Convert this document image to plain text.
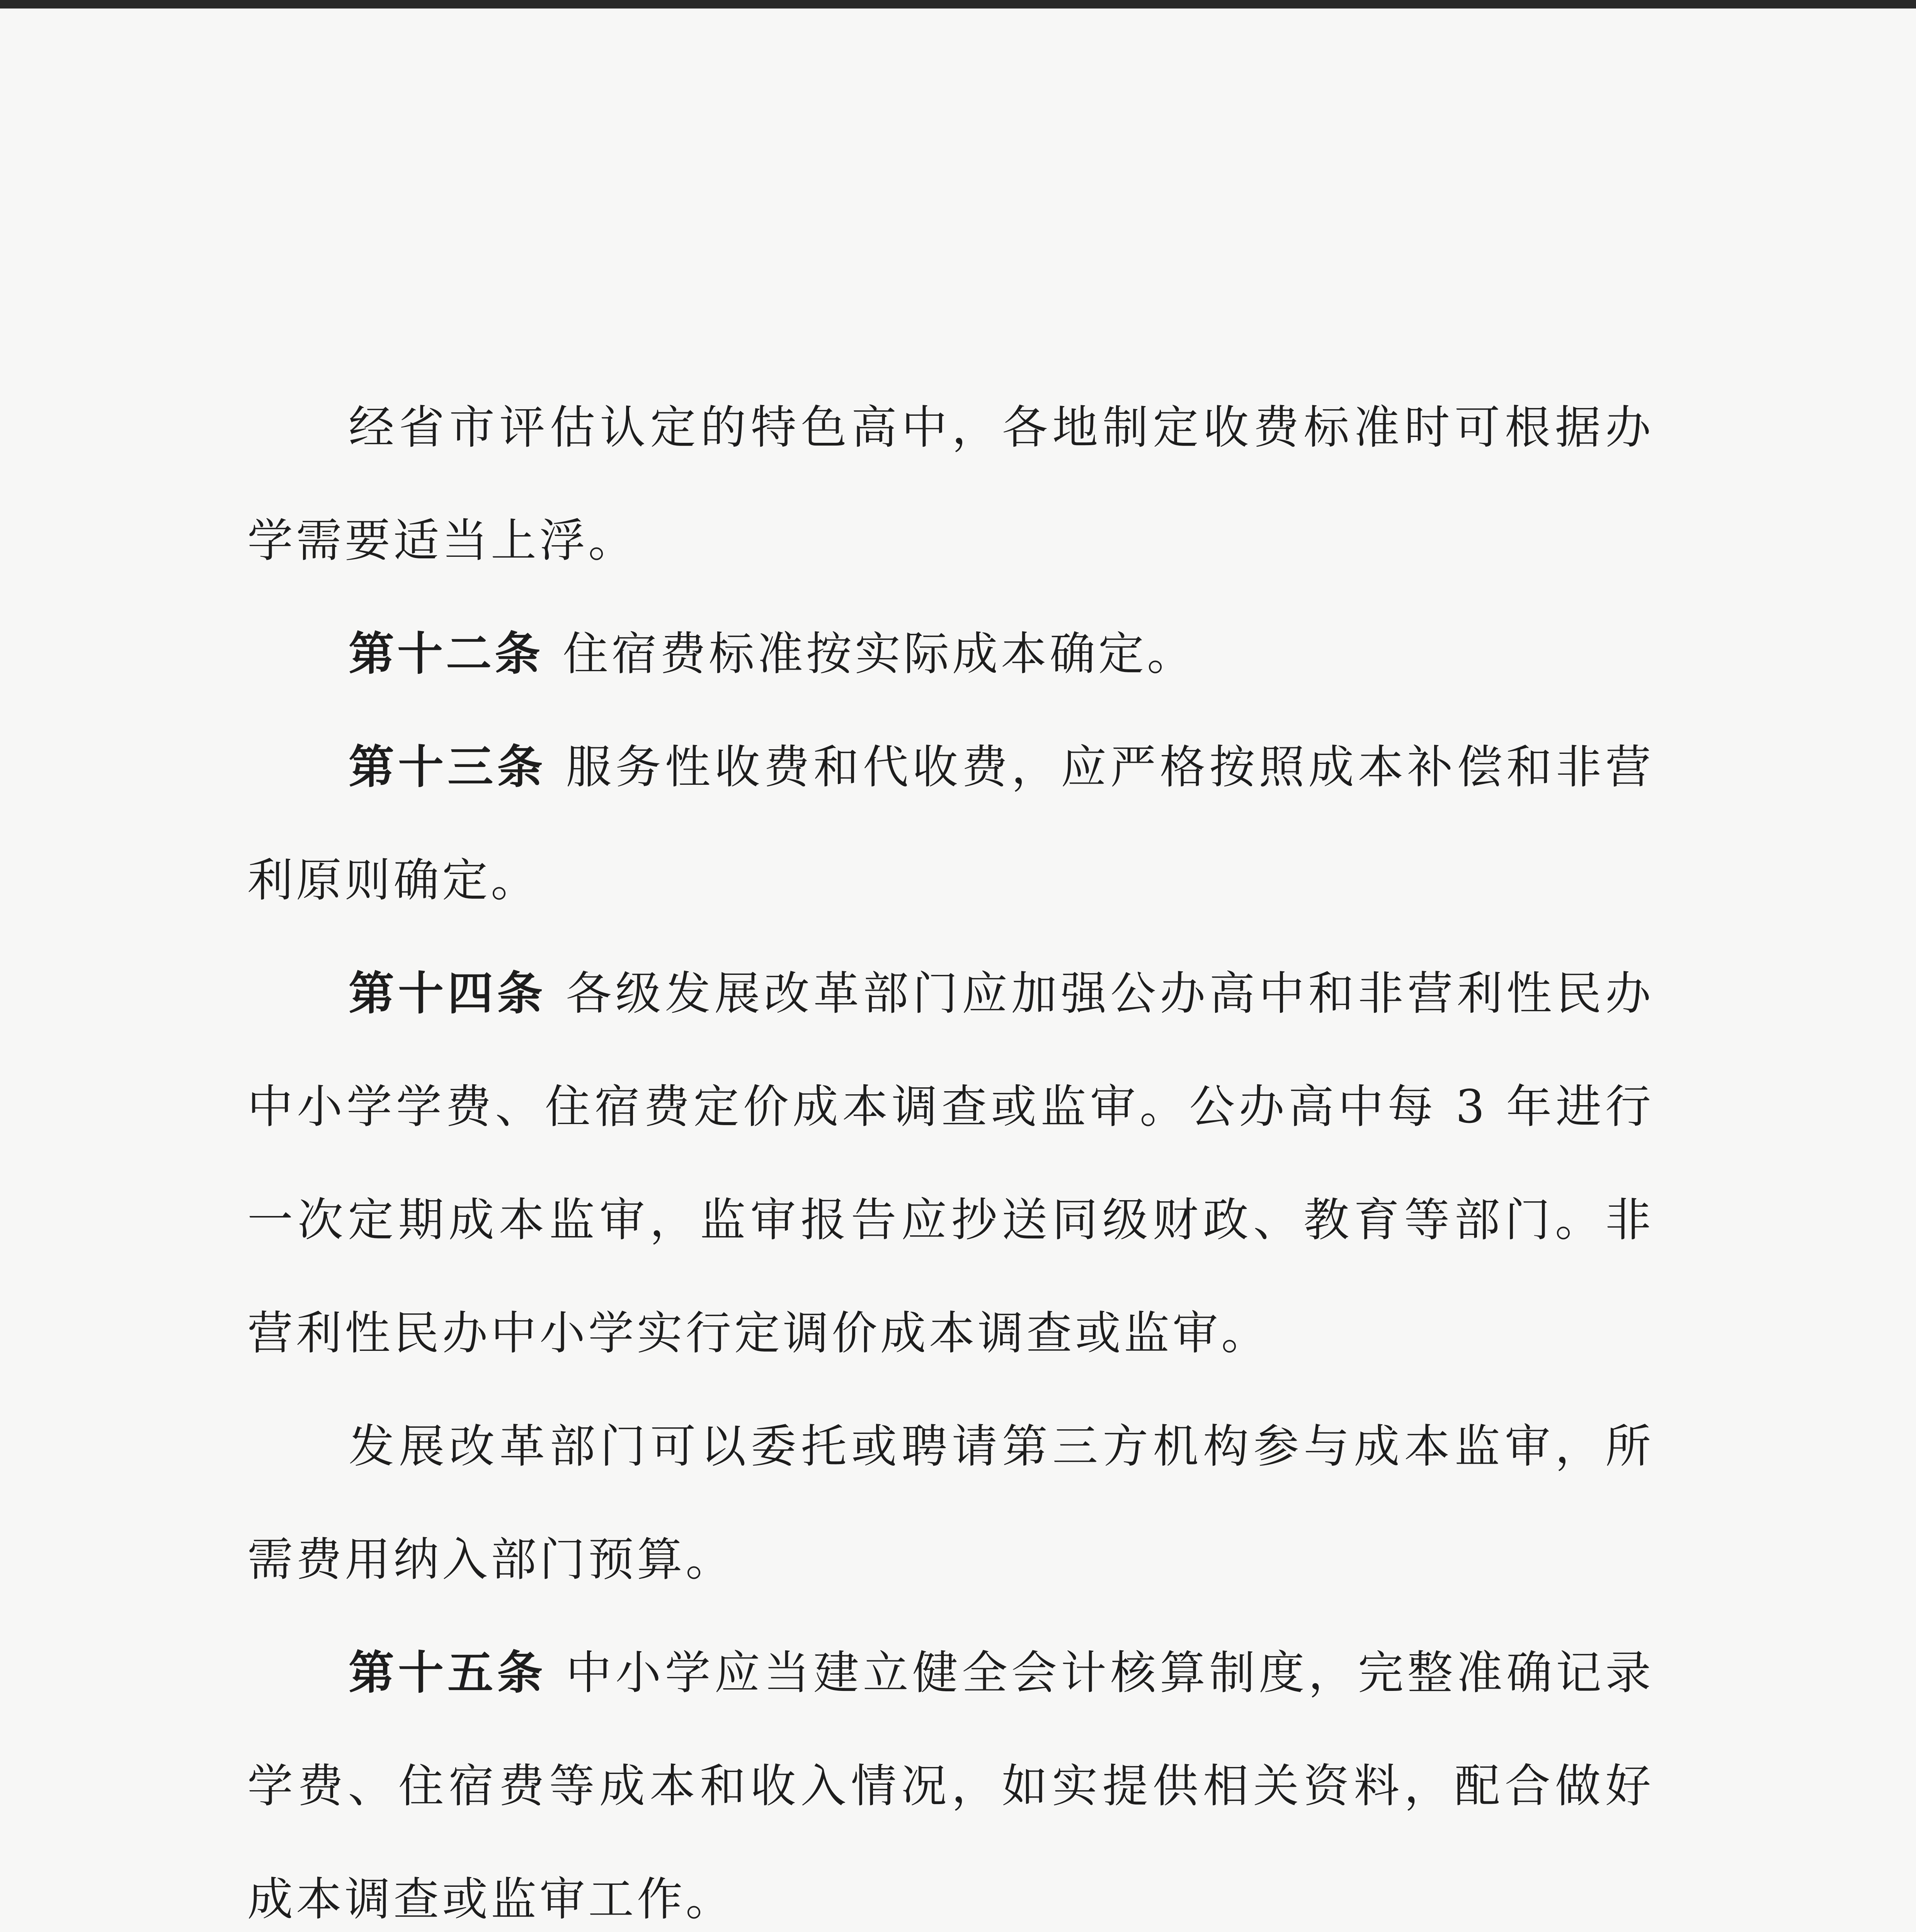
经省市评估认定的特色高中，各地制定收费标准时可根据办学需要适当上浮。

第十二条 住宿费标准按实际成本确定。

第十三条 服务性收费和代收费，应严格按照成本补偿和非营利原则确定。

第十四条 各级发展改革部门应加强公办高中和非营利性民办中小学学费、住宿费定价成本调查或监审。公办高中每 3 年进行一次定期成本监审，监审报告应抄送同级财政、教育等部门。非营利性民办中小学实行定调价成本调查或监审。

发展改革部门可以委托或聘请第三方机构参与成本监审，所需费用纳入部门预算。

第十五条 中小学应当建立健全会计核算制度，完整准确记录学费、住宿费等成本和收入情况，如实提供相关资料，配合做好成本调查或监审工作。
